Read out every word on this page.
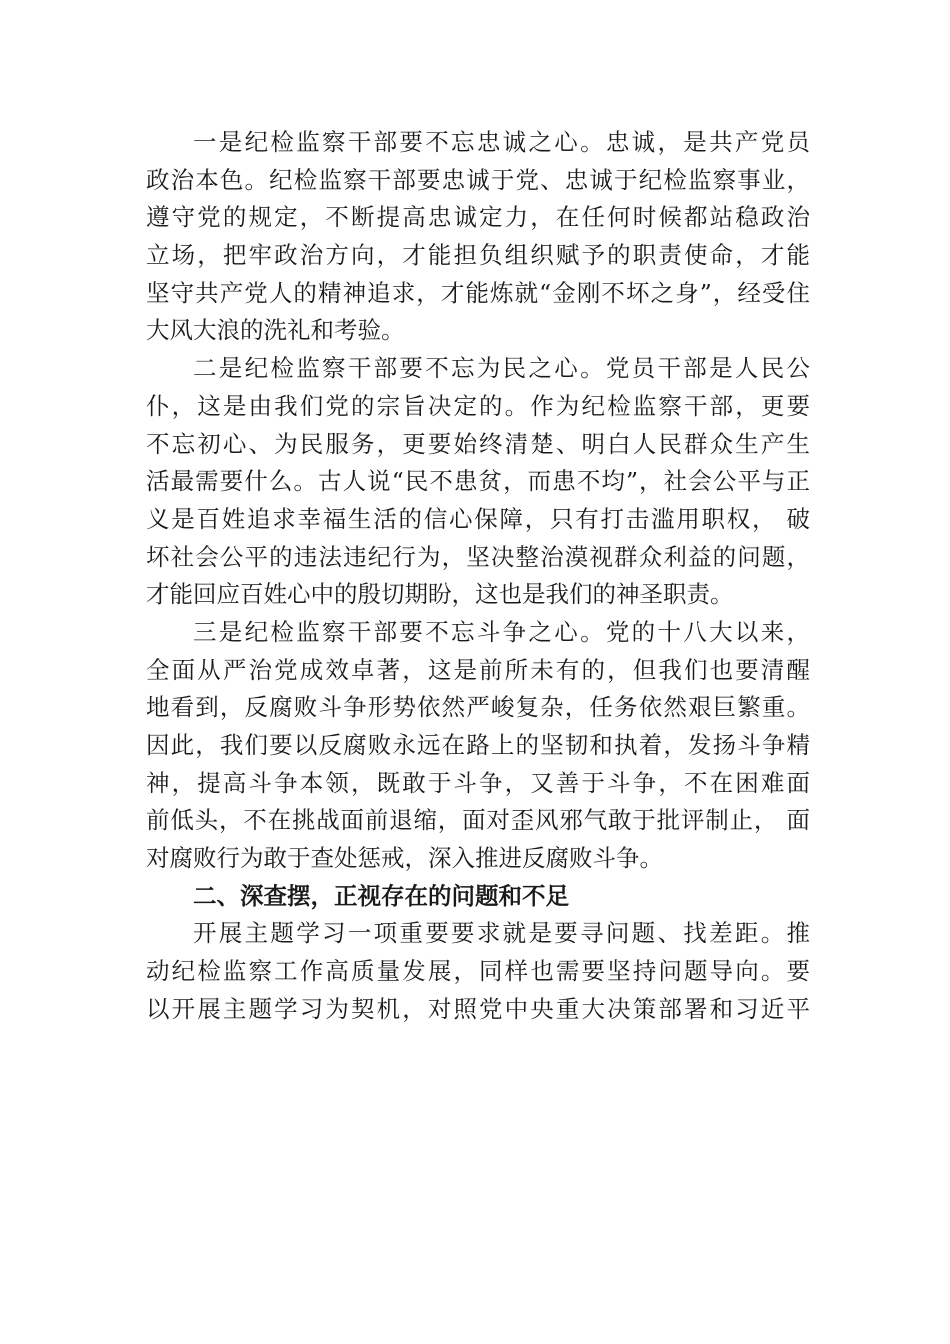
一是纪检监察干部要不忘忠诚之心。忠诚，是共产党员
政治本色。纪检监察干部要忠诚于党、忠诚于纪检监察事业，
遵守党的规定，不断提高忠诚定力，在任何时候都站稳政治
立场，把牢政治方向，才能担负组织赋予的职责使命，才能
坚守共产党人的精神追求，才能炼就“金刚不坏之身”，经受住
大风大浪的洗礼和考验。
二是纪检监察干部要不忘为民之心。党员干部是人民公
仆，这是由我们党的宗旨决定的。作为纪检监察干部，更要
不忘初心、为民服务，更要始终清楚、明白人民群众生产生
活最需要什么。古人说“民不患贫，而患不均”，社会公平与正
义是百姓追求幸福生活的信心保障，只有打击滥用职权， 破
坏社会公平的违法违纪行为，坚决整治漠视群众利益的问题，
才能回应百姓心中的殷切期盼，这也是我们的神圣职责。
三是纪检监察干部要不忘斗争之心。党的十八大以来，
全面从严治党成效卓著，这是前所未有的，但我们也要清醒
地看到，反腐败斗争形势依然严峻复杂，任务依然艰巨繁重。
因此，我们要以反腐败永远在路上的坚韧和执着，发扬斗争精
神，提高斗争本领，既敢于斗争，又善于斗争，不在困难面
前低头，不在挑战面前退缩，面对歪风邪气敢于批评制止， 面
对腐败行为敢于查处惩戒，深入推进反腐败斗争。
二、深查摆，正视存在的问题和不足
开展主题学习一项重要要求就是要寻问题、找差距。推
动纪检监察工作高质量发展，同样也需要坚持问题导向。要
以开展主题学习为契机，对照党中央重大决策部署和习近平
